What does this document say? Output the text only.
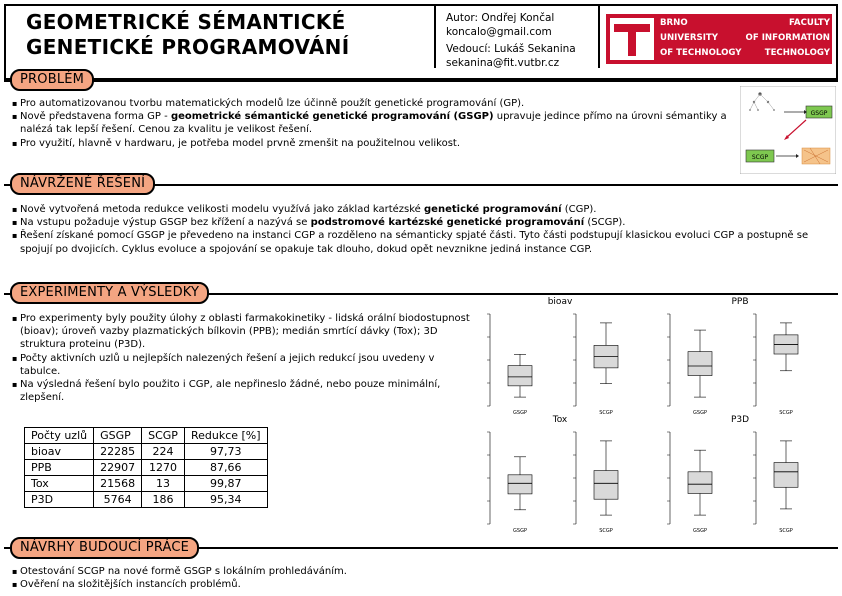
GEOMETRICKÉ SÉMANTICKÉ
GENETICKÉ PROGRAMOVÁNÍ
Autor: Ondřej Končal
koncalo@gmail.com
Vedoucí: Lukáš Sekanina
sekanina@fit.vutbr.cz
BRNO	FACULTY
UNIVERSITY	OF INFORMATION
OF TECHNOLOGY	TECHNOLOGY
PROBLÉM
▪ Pro automatizovanou tvorbu matematických modelů lze účinně použít genetické programování (GP).
▪ Nově představena forma GP - geometrické sémantické genetické programování (GSGP) upravuje jedince přímo na úrovni sémantiky a nalézá tak lepší řešení. Cenou za kvalitu je velikost řešení.
▪ Pro využití, hlavně v hardwaru, je potřeba model prvně zmenšit na použitelnou velikost.
GSGP
SCGP
NÁVRŽENÉ ŘEŠENÍ
▪ Nově vytvořená metoda redukce velikosti modelu využívá jako základ kartézské genetické programování (CGP).
▪ Na vstupu požaduje výstup GSGP bez křížení a nazývá se podstromové kartézské genetické programování (SCGP).
▪ Řešení získané pomocí GSGP je převedeno na instanci CGP a rozděleno na sémanticky spjaté části. Tyto části podstupují klasickou evoluci CGP a postupně se spojují po dvojicích. Cyklus evoluce a spojování se opakuje tak dlouho, dokud opět nevznikne jediná instance CGP.
EXPERIMENTY A VÝSLEDKY
▪ Pro experimenty byly použity úlohy z oblasti farmakokinetiky - lidská orální biodostupnost (bioav); úroveň vazby plazmatických bílkovin (PPB); medián smrtící dávky (Tox); 3D struktura proteinu (P3D).
▪ Počty aktivních uzlů u nejlepších nalezených řešení a jejich redukcí jsou uvedeny v tabulce.
▪ Na výsledná řešení bylo použito i CGP, ale nepřineslo žádné, nebo pouze minimální, zlepšení.
Počty uzlů	GSGP	SCGP	Redukce [%]
bioav	22285	224	97,73
PPB	22907	1270	87,66
Tox	21568	13	99,87
P3D	5764	186	95,34
bioav
GSGP	SCGP
PPB
GSGP	SCGP
Tox
GSGP	SCGP
P3D
GSGP	SCGP
NÁVRHY BUDOUCÍ PRÁCE
▪ Otestování SCGP na nové formě GSGP s lokálním prohledáváním.
▪ Ověření na složitějších instancích problémů.
